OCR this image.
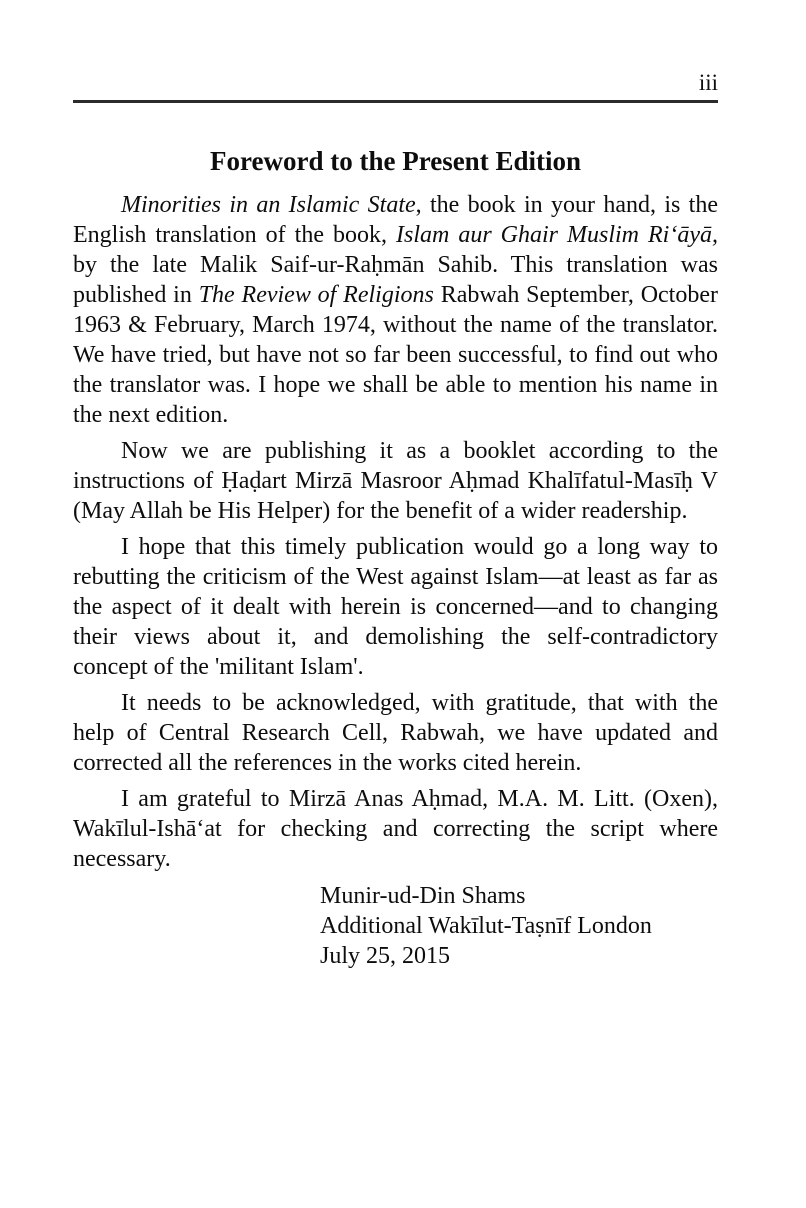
iii
Foreword to the Present Edition

Minorities in an Islamic State, the book in your hand, is the English translation of the book, Islam aur Ghair Muslim Ri‘āyā, by the late Malik Saif-ur-Raḥmān Sahib. This translation was published in The Review of Religions Rabwah September, October 1963 & February, March 1974, without the name of the translator. We have tried, but have not so far been successful, to find out who the translator was. I hope we shall be able to mention his name in the next edition.

Now we are publishing it as a booklet according to the instructions of Ḥaḍart Mirzā Masroor Aḥmad Khalīfatul-Masīḥ V (May Allah be His Helper) for the benefit of a wider readership.

I hope that this timely publication would go a long way to rebutting the criticism of the West against Islam—at least as far as the aspect of it dealt with herein is concerned—and to changing their views about it, and demolishing the self-contradictory concept of the 'militant Islam'.

It needs to be acknowledged, with gratitude, that with the help of Central Research Cell, Rabwah, we have updated and corrected all the references in the works cited herein.

I am grateful to Mirzā Anas Aḥmad, M.A. M. Litt. (Oxen), Wakīlul-Ishā‘at for checking and correcting the script where necessary.

Munir-ud-Din Shams
Additional Wakīlut-Taṣnīf London
July 25, 2015
